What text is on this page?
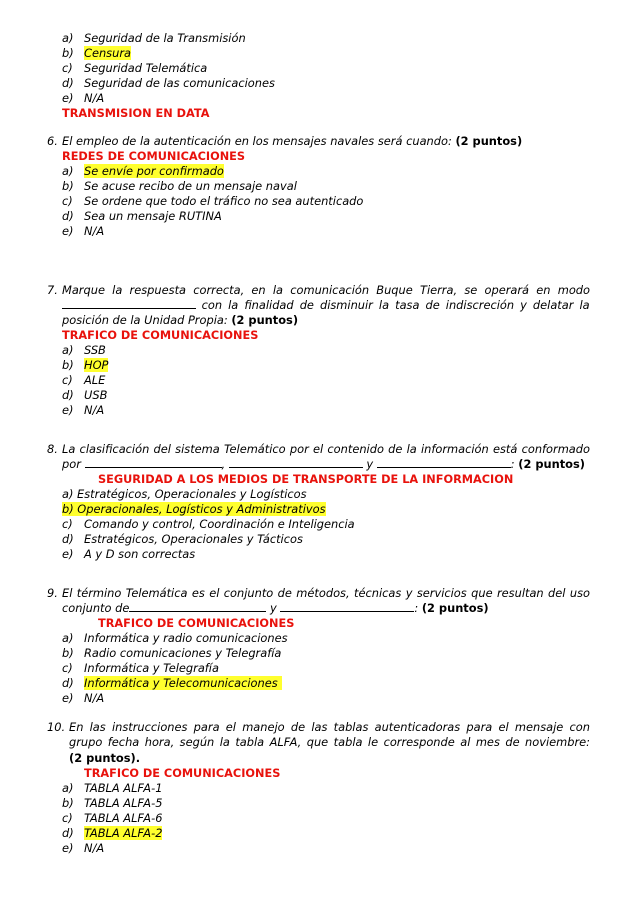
a) Seguridad de la Transmisión
b) Censura
c) Seguridad Telemática
d) Seguridad de las comunicaciones
e) N/A
TRANSMISION EN DATA
6. El empleo de la autenticación en los mensajes navales será cuando: (2 puntos)
REDES DE COMUNICACIONES
a) Se envíe por confirmado
b) Se acuse recibo de un mensaje naval
c) Se ordene que todo el tráfico no sea autenticado
d) Sea un mensaje RUTINA
e) N/A
7. Marque la respuesta correcta, en la comunicación Buque Tierra, se operará en modo
con la finalidad de disminuir la tasa de indiscreción y delatar la
posición de la Unidad Propia: (2 puntos)
TRAFICO DE COMUNICACIONES
a) SSB
b) HOP
c) ALE
d) USB
e) N/A
8. La clasificación del sistema Telemático por el contenido de la información está conformado
por	,	y	: (2 puntos)
SEGURIDAD A LOS MEDIOS DE TRANSPORTE DE LA INFORMACION
a) Estratégicos, Operacionales y Logísticos
b) Operacionales, Logísticos y Administrativos
c) Comando y control, Coordinación e Inteligencia
d) Estratégicos, Operacionales y Tácticos
e) A y D son correctas
9. El término Telemática es el conjunto de métodos, técnicas y servicios que resultan del uso
conjunto de	y	: (2 puntos)
TRAFICO DE COMUNICACIONES
a) Informática y radio comunicaciones
b) Radio comunicaciones y Telegrafía
c) Informática y Telegrafía
d) Informática y Telecomunicaciones
e) N/A
10. En las instrucciones para el manejo de las tablas autenticadoras para el mensaje con
grupo fecha hora, según la tabla ALFA, que tabla le corresponde al mes de noviembre:
(2 puntos).
TRAFICO DE COMUNICACIONES
a) TABLA ALFA-1
b) TABLA ALFA-5
c) TABLA ALFA-6
d) TABLA ALFA-2
e) N/A
